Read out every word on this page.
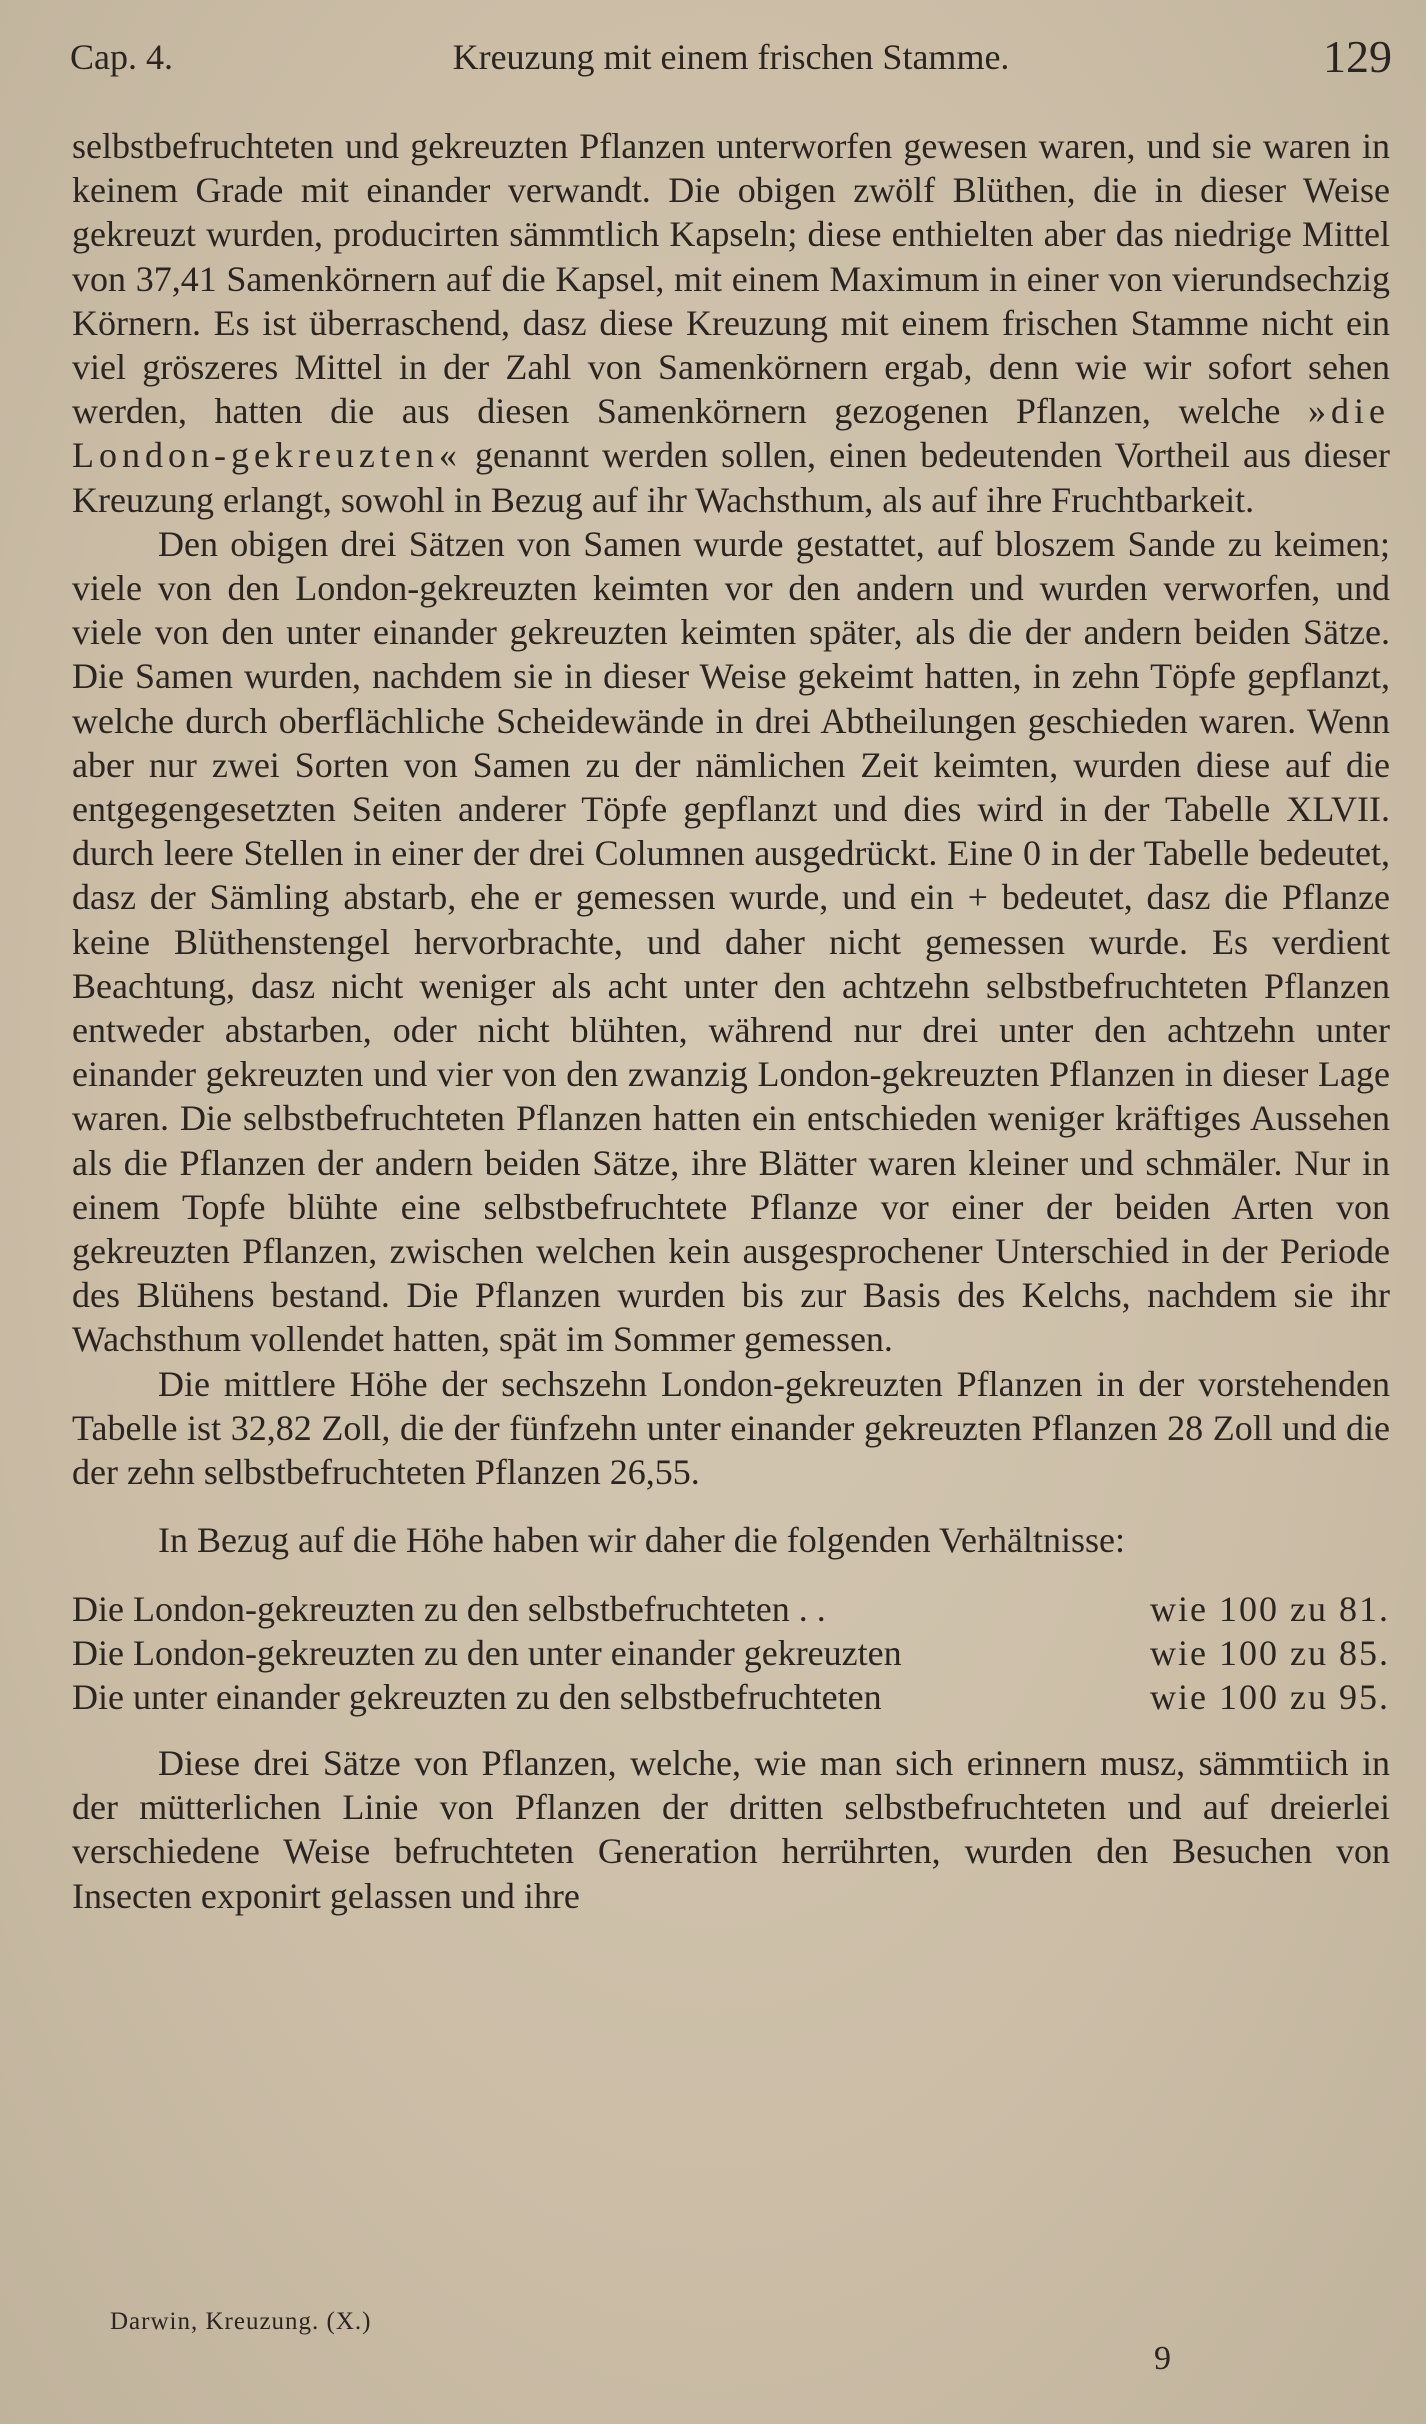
Cap. 4.	Kreuzung mit einem frischen Stamme.	129

selbstbefruchteten und gekreuzten Pflanzen unterworfen gewesen waren, und sie waren in keinem Grade mit einander verwandt. Die obigen zwölf Blüthen, die in dieser Weise gekreuzt wurden, producirten sämmtlich Kapseln; diese enthielten aber das niedrige Mittel von 37,41 Samenkörnern auf die Kapsel, mit einem Maximum in einer von vierundsechzig Körnern. Es ist überraschend, dasz diese Kreuzung mit einem frischen Stamme nicht ein viel gröszeres Mittel in der Zahl von Samenkörnern ergab, denn wie wir sofort sehen werden, hatten die aus diesen Samenkörnern gezogenen Pflanzen, welche »die London-gekreuzten« genannt werden sollen, einen bedeutenden Vortheil aus dieser Kreuzung erlangt, sowohl in Bezug auf ihr Wachsthum, als auf ihre Fruchtbarkeit.

Den obigen drei Sätzen von Samen wurde gestattet, auf bloszem Sande zu keimen; viele von den London-gekreuzten keimten vor den andern und wurden verworfen, und viele von den unter einander gekreuzten keimten später, als die der andern beiden Sätze. Die Samen wurden, nachdem sie in dieser Weise gekeimt hatten, in zehn Töpfe gepflanzt, welche durch oberflächliche Scheidewände in drei Abtheilungen geschieden waren. Wenn aber nur zwei Sorten von Samen zu der nämlichen Zeit keimten, wurden diese auf die entgegengesetzten Seiten anderer Töpfe gepflanzt und dies wird in der Tabelle XLVII. durch leere Stellen in einer der drei Columnen ausgedrückt. Eine 0 in der Tabelle bedeutet, dasz der Sämling abstarb, ehe er gemessen wurde, und ein + bedeutet, dasz die Pflanze keine Blüthenstengel hervorbrachte, und daher nicht gemessen wurde. Es verdient Beachtung, dasz nicht weniger als acht unter den achtzehn selbstbefruchteten Pflanzen entweder abstarben, oder nicht blühten, während nur drei unter den achtzehn unter einander gekreuzten und vier von den zwanzig London-gekreuzten Pflanzen in dieser Lage waren. Die selbstbefruchteten Pflanzen hatten ein entschieden weniger kräftiges Aussehen als die Pflanzen der andern beiden Sätze, ihre Blätter waren kleiner und schmäler. Nur in einem Topfe blühte eine selbstbefruchtete Pflanze vor einer der beiden Arten von gekreuzten Pflanzen, zwischen welchen kein ausgesprochener Unterschied in der Periode des Blühens bestand. Die Pflanzen wurden bis zur Basis des Kelchs, nachdem sie ihr Wachsthum vollendet hatten, spät im Sommer gemessen.

Die mittlere Höhe der sechszehn London-gekreuzten Pflanzen in der vorstehenden Tabelle ist 32,82 Zoll, die der fünfzehn unter einander gekreuzten Pflanzen 28 Zoll und die der zehn selbstbefruchteten Pflanzen 26,55.

In Bezug auf die Höhe haben wir daher die folgenden Verhältnisse:

Die London-gekreuzten zu den selbstbefruchteten . .	wie 100 zu 81.
Die London-gekreuzten zu den unter einander gekreuzten	wie 100 zu 85.
Die unter einander gekreuzten zu den selbstbefruchteten	wie 100 zu 95.

Diese drei Sätze von Pflanzen, welche, wie man sich erinnern musz, sämmtiich in der mütterlichen Linie von Pflanzen der dritten selbstbefruchteten und auf dreierlei verschiedene Weise befruchteten Generation herrührten, wurden den Besuchen von Insecten exponirt gelassen und ihre

Darwin, Kreuzung. (X.)
9
